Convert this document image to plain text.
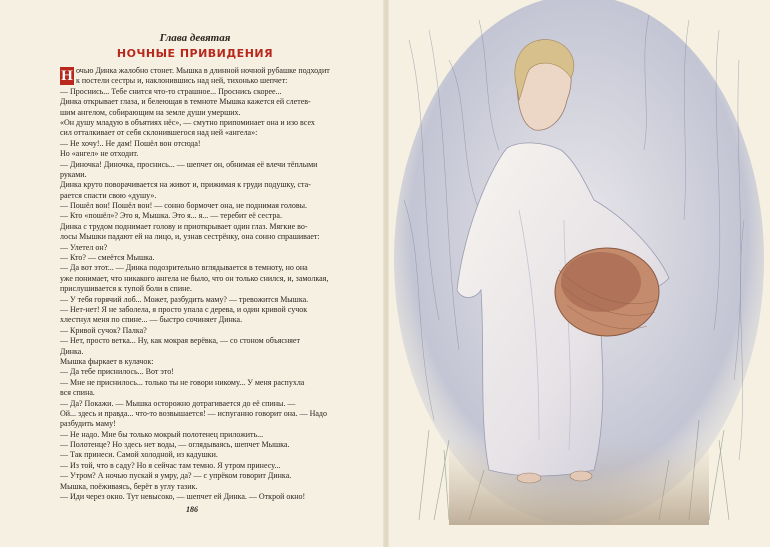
Глава девятая
НОЧНЫЕ ПРИВИДЕНИЯ
Н очью Динка жалобно стонет. Мышка в длинной ночной рубашке подходит
к постели сестры и, наклонившись над ней, тихонько шепчет:
— Проснись... Тебе снится что-то страшное... Проснись скорее...
Динка открывает глаза, и белеющая в темноте Мышка кажется ей слетев-
шим ангелом, собирающим на земле души умерших.
«Он душу младую в объятиях нёс», — смутно припоминает она и изо всех
сил отталкивает от себя склонившегося над ней «ангела»:
— Не хочу!.. Не дам! Пошёл вон отсюда!
Но «ангел» не отходит.
— Диночка! Диночка, проснись... — шепчет он, обнимая её влечи тёплыми
руками.
Динка круто поворачивается на живот и, прижимая к груди подушку, ста-
рается спасти свою «душу».
— Пошёл вон! Пошёл вон! — сонно бормочет она, не поднимая головы.
— Кто «пошёл»? Это я, Мышка. Это я... я... — теребит её сестра.
Динка с трудом поднимает голову и приоткрывает один глаз. Мягкие во-
лосы Мышки падают ей на лицо, и, узнав сестрёнку, она сонно спрашивает:
— Улетел он?
— Кто? — смеётся Мышка.
— Да вот этот... — Динка подозрительно вглядывается в темноту, но она
уже понимает, что никакого ангела не было, что он только снился, и, замолкая,
прислушивается к тупой боли в спине.
— У тебя горячий лоб... Может, разбудить маму? — тревожится Мышка.
— Нет-нет! Я не заболела, я просто упала с дерева, и один кривой сучок
хлестнул меня по спине... — быстро сочиняет Динка.
— Кривой сучок? Палка?
— Нет, просто ветка... Ну, как мокрая верёвка, — со стоном объясняет
Динка.
Мышка фыркает в кулачок:
— Да тебе приснилось... Вот это!
— Мне не приснилось... только ты не говори никому... У меня распухла
вся спина.
— Да? Покажи. — Мышка осторожно дотрагивается до её спины. —
Ой... здесь и правда... что-то возвышается! — испуганно говорит она. — Надо
разбудить маму!
— Не надо. Мне бы только мокрый полотенец приложить...
— Полотенце? Но здесь нет воды, — оглядываясь, шепчет Мышка.
— Так принеси. Самой холодной, из кадушки.
— Из той, что в саду? Но я сейчас там темно. Я утром принесу...
— Утром? А ночью пускай я умру, да? — с упрёком говорит Динка.
Мышка, поёживаясь, берёт в углу тазик.
— Иди через окно. Тут невысоко, — шепчет ей Динка. — Открой окно!
186
